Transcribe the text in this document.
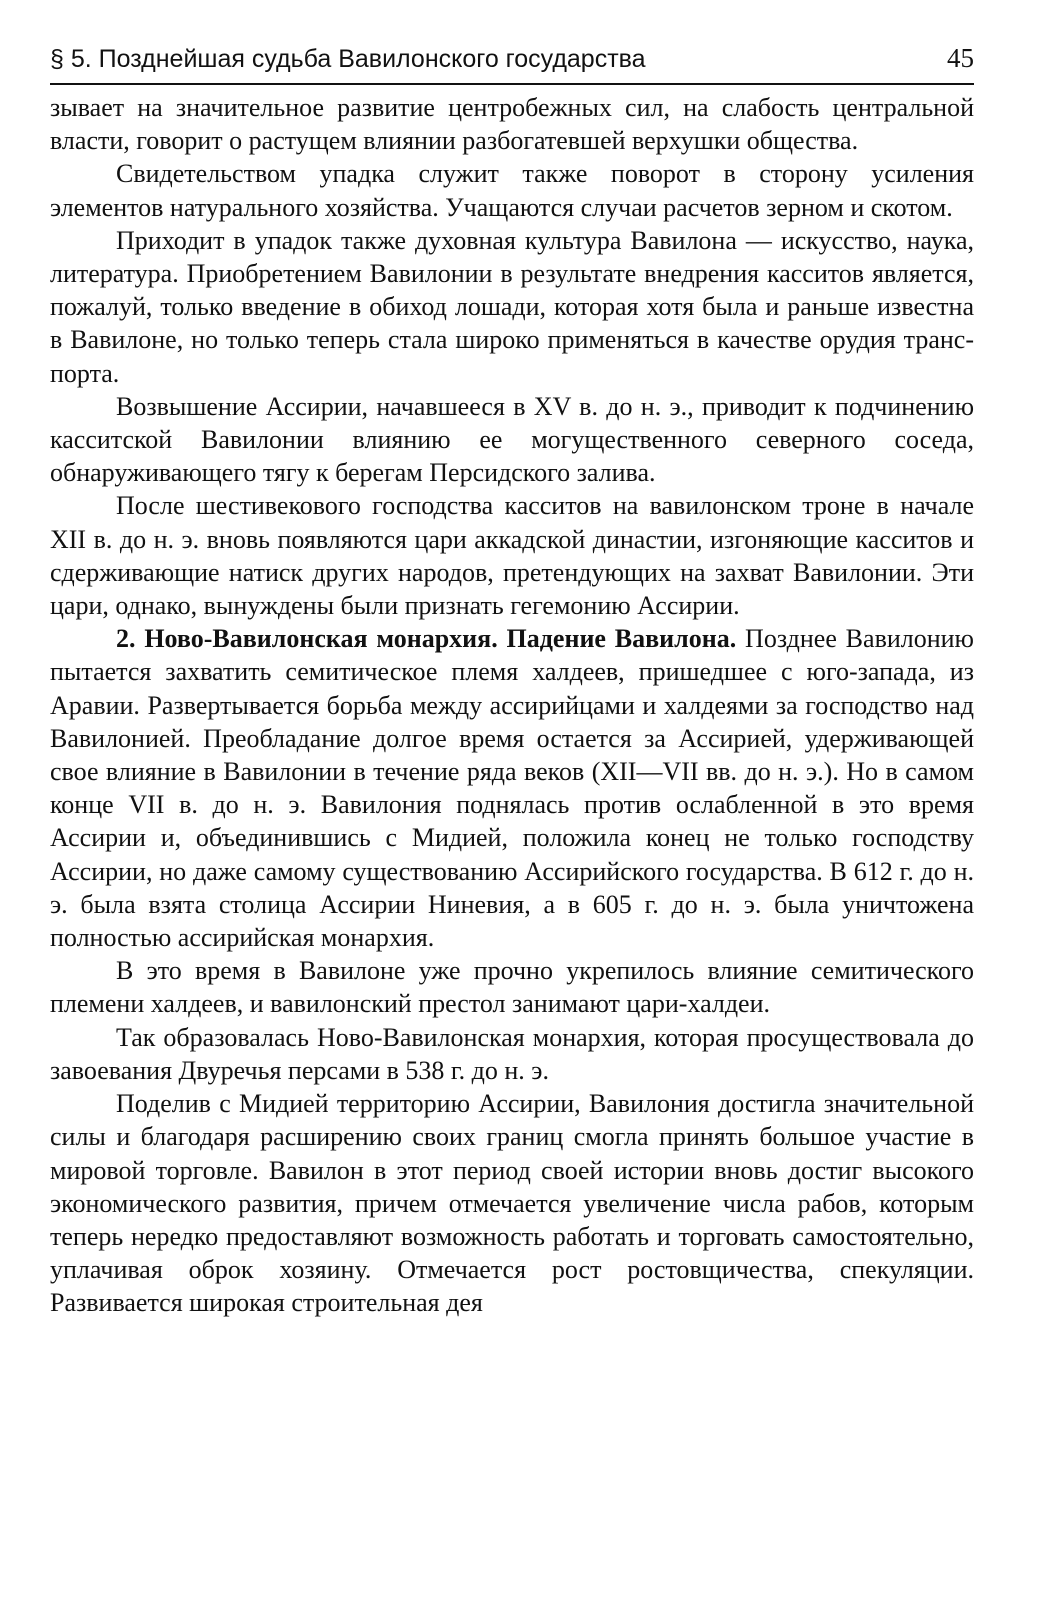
§ 5. Позднейшая судьба Вавилонского государства	45

зывает на значительное развитие центробежных сил, на слабость центральной власти, говорит о растущем влиянии разбогатевшей верхушки общества.

Свидетельством упадка служит также поворот в сторону усиления элементов натурального хозяйства. Учащаются случаи расчетов зерном и скотом.

Приходит в упадок также духовная культура Вавилона — искусство, наука, литература. Приобретением Вавилонии в результате внедрения касситов является, пожалуй, только введение в обиход лошади, которая хотя была и раньше известна в Вавилоне, но только теперь стала широко применяться в качестве орудия транспорта.

Возвышение Ассирии, начавшееся в XV в. до н. э., приводит к подчинению касситской Вавилонии влиянию ее могущественного северного соседа, обнаруживающего тягу к берегам Персидского залива.

После шестивекового господства касситов на вавилонском троне в начале XII в. до н. э. вновь появляются цари аккадской династии, изгоняющие касситов и сдерживающие натиск других народов, претендующих на захват Вавилонии. Эти цари, однако, вынуждены были признать гегемонию Ассирии.

2. Ново-Вавилонская монархия. Падение Вавилона. Позднее Вавилонию пытается захватить семитическое племя халдеев, пришедшее с юго-запада, из Аравии. Развертывается борьба между ассирийцами и халдеями за господство над Вавилонией. Преобладание долгое время остается за Ассирией, удерживающей свое влияние в Вавилонии в течение ряда веков (XII—VII вв. до н. э.). Но в самом конце VII в. до н. э. Вавилония поднялась против ослабленной в это время Ассирии и, объединившись с Мидией, положила конец не только господству Ассирии, но даже самому существованию Ассирийского государства. В 612 г. до н. э. была взята столица Ассирии Ниневия, а в 605 г. до н. э. была уничтожена полностью ассирийская монархия.

В это время в Вавилоне уже прочно укрепилось влияние семитического племени халдеев, и вавилонский престол занимают цари-халдеи.

Так образовалась Ново-Вавилонская монархия, которая просуществовала до завоевания Двуречья персами в 538 г. до н. э.

Поделив с Мидией территорию Ассирии, Вавилония достигла значительной силы и благодаря расширению своих границ смогла принять большое участие в мировой торговле. Вавилон в этот период своей истории вновь достиг высокого экономического развития, причем отмечается увеличение числа рабов, которым теперь нередко предоставляют возможность работать и торговать самостоятельно, уплачивая оброк хозяину. Отмечается рост ростовщичества, спекуляции. Развивается широкая строительная дея
